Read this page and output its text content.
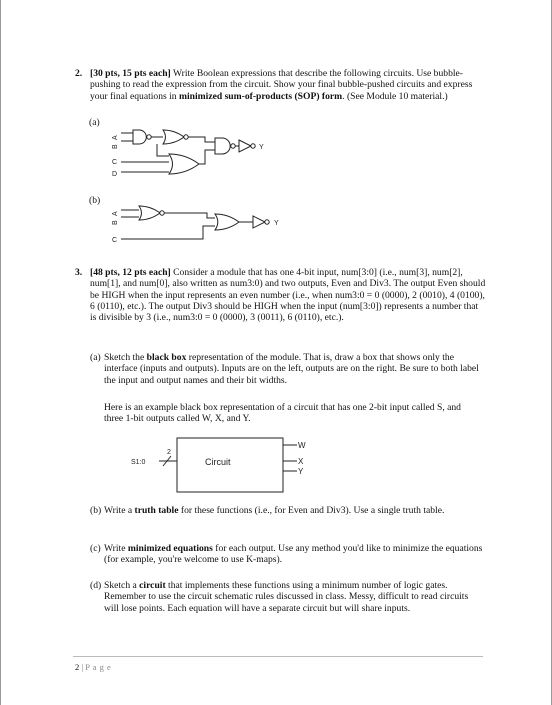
2. [30 pts, 15 pts each] Write Boolean expressions that describe the following circuits. Use bubble-pushing to read the expression from the circuit. Show your final bubble-pushed circuits and express your final equations in minimized sum-of-products (SOP) form. (See Module 10 material.)
(a)
A
B
C
D
Y
A
B
C
Y
(b)
3. [48 pts, 12 pts each] Consider a module that has one 4-bit input, num[3:0] (i.e., num[3], num[2], num[1], and num[0], also written as num3:0) and two outputs, Even and Div3. The output Even should be HIGH when the input represents an even number (i.e., when num3:0 = 0 (0000), 2 (0010), 4 (0100), 6 (0110), etc.). The output Div3 should be HIGH when the input (num[3:0]) represents a number that is divisible by 3 (i.e., num3:0 = 0 (0000), 3 (0011), 6 (0110), etc.).
(a) Sketch the black box representation of the module. That is, draw a box that shows only the interface (inputs and outputs). Inputs are on the left, outputs are on the right. Be sure to both label the input and output names and their bit widths.
Here is an example black box representation of a circuit that has one 2-bit input called S, and three 1-bit outputs called W, X, and Y.
2
S1:0	Circuit
W
X
Y
(b) Write a truth table for these functions (i.e., for Even and Div3). Use a single truth table.
(c) Write minimized equations for each output. Use any method you'd like to minimize the equations (for example, you're welcome to use K-maps).
(d) Sketch a circuit that implements these functions using a minimum number of logic gates. Remember to use the circuit schematic rules discussed in class. Messy, difficult to read circuits will lose points. Each equation will have a separate circuit but will share inputs.
2 | P a g e
